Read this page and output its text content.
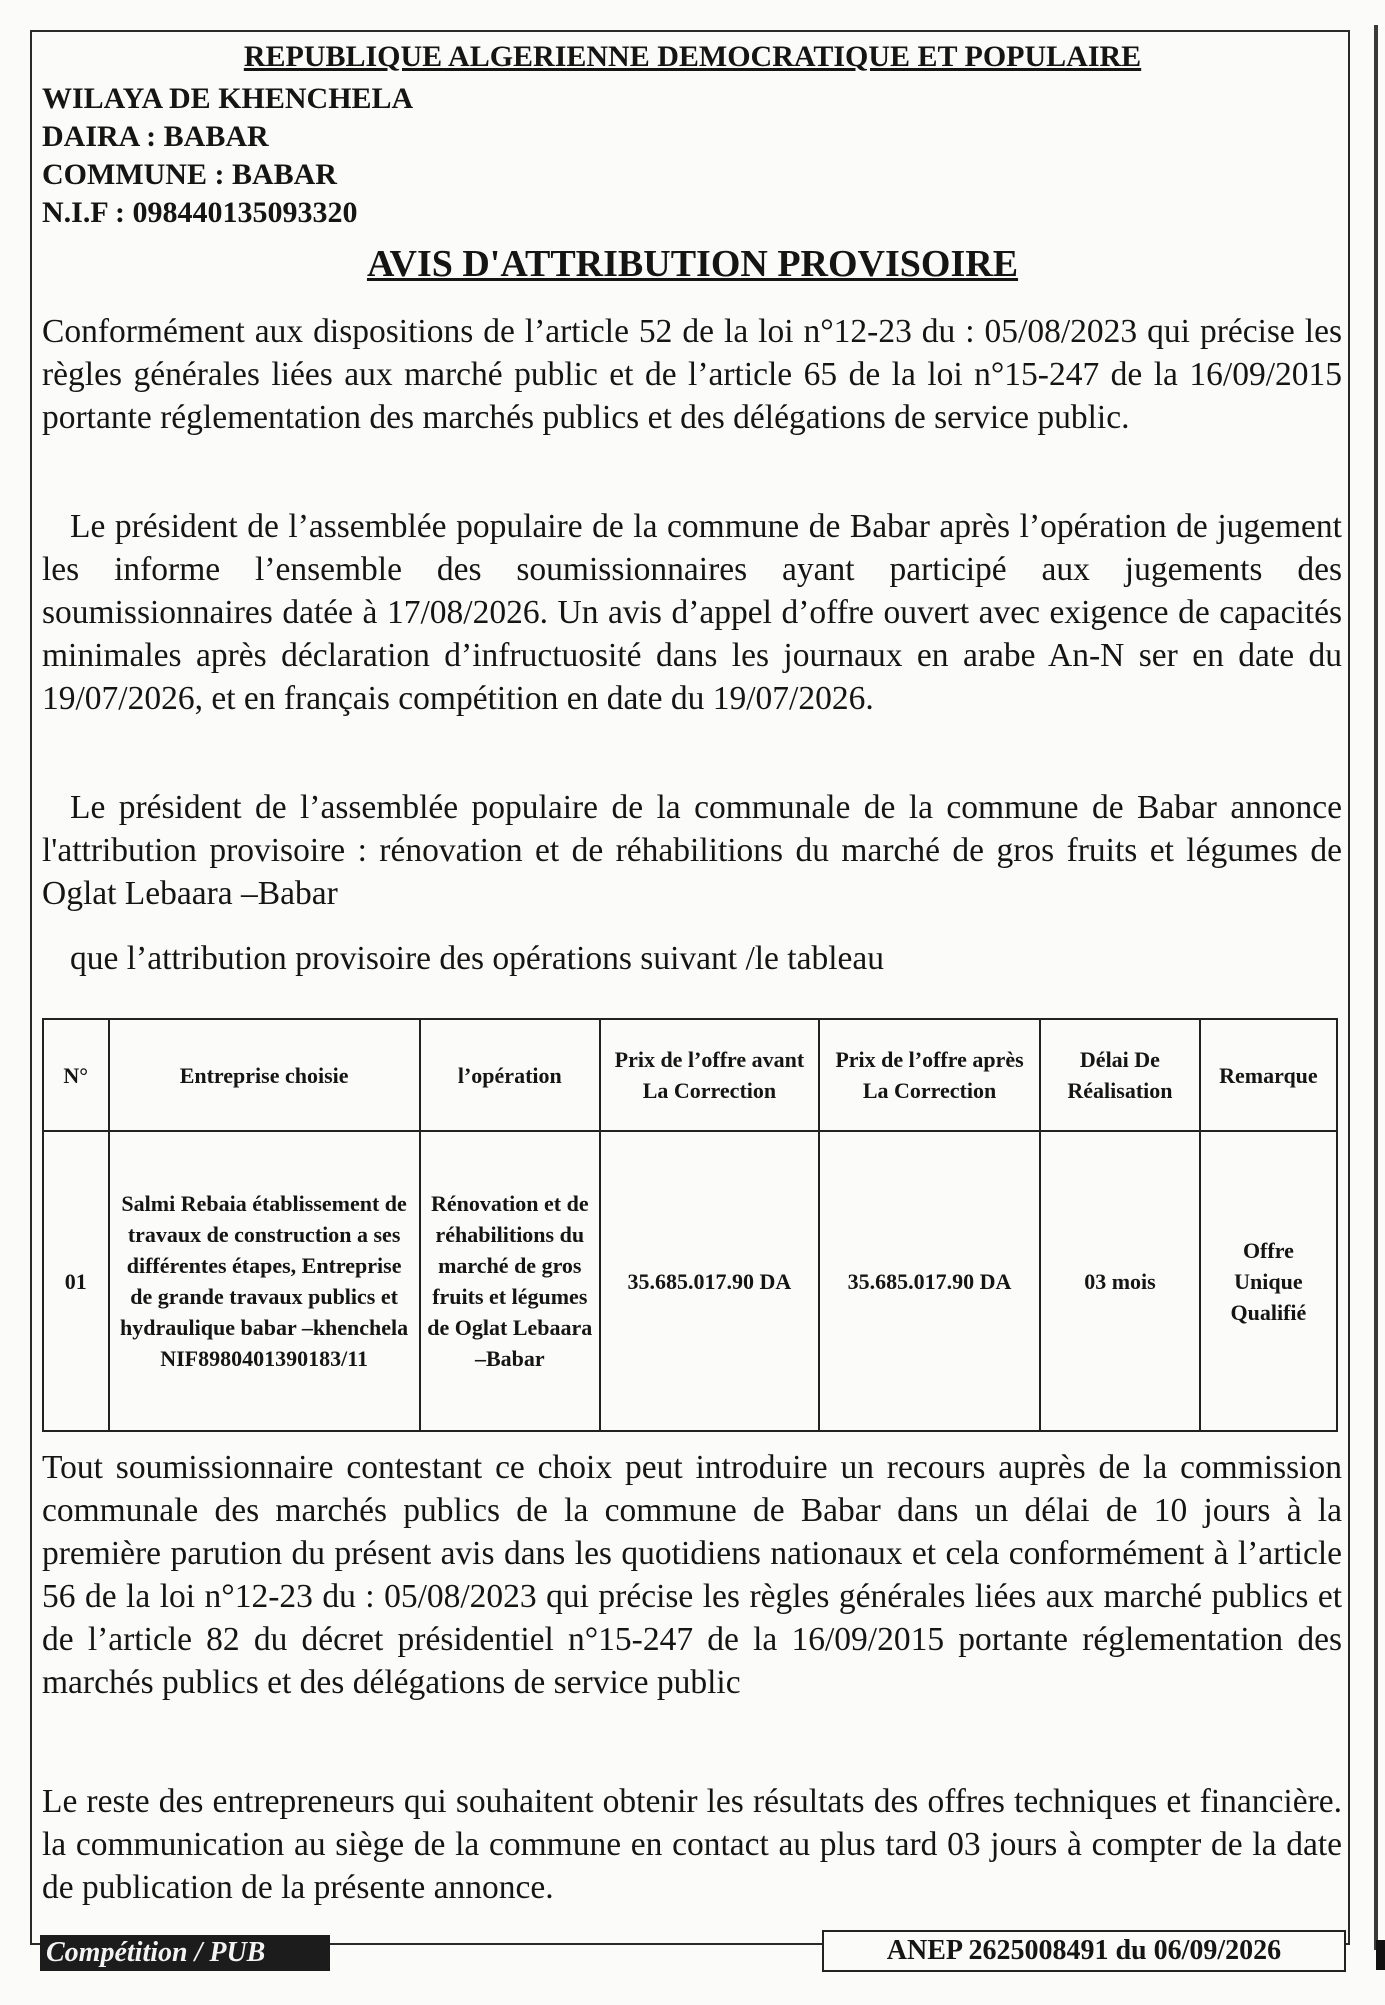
REPUBLIQUE ALGERIENNE DEMOCRATIQUE ET POPULAIRE
WILAYA DE KHENCHELA
DAIRA : BABAR
COMMUNE : BABAR
N.I.F : 098440135093320
AVIS D'ATTRIBUTION PROVISOIRE

Conformément aux dispositions de l’article 52 de la loi n°12-23 du : 05/08/2023 qui précise les règles générales liées aux marché public et de l’article 65 de la loi n°15-247 de la 16/09/2015 portante réglementation des marchés publics et des délégations de service public.

Le président de l’assemblée populaire de la commune de Babar après l’opération de jugement les informe l’ensemble des soumissionnaires ayant participé aux jugements des soumissionnaires datée à 17/08/2026. Un avis d’appel d’offre ouvert avec exigence de capacités minimales après déclaration d’infructuosité dans les journaux en arabe An-N ser en date du 19/07/2026, et en français compétition en date du 19/07/2026.

Le président de l’assemblée populaire de la communale de la commune de Babar annonce l'attribution provisoire : rénovation et de réhabilitions du marché de gros fruits et légumes de Oglat Lebaara –Babar

que l’attribution provisoire des opérations suivant /le tableau

N°	Entreprise choisie	l’opération	Prix de l’offre avant La Correction	Prix de l’offre après La Correction	Délai De Réalisation	Remarque
01	Salmi Rebaia établissement de travaux de construction a ses différentes étapes, Entreprise de grande travaux publics et hydraulique babar –khenchela NIF8980401390183/11	Rénovation et de réhabilitions du marché de gros fruits et légumes de Oglat Lebaara –Babar	35.685.017.90 DA	35.685.017.90 DA	03 mois	Offre Unique Qualifié

Tout soumissionnaire contestant ce choix peut introduire un recours auprès de la commission communale des marchés publics de la commune de Babar dans un délai de 10 jours à la première parution du présent avis dans les quotidiens nationaux et cela conformément à l’article 56 de la loi n°12-23 du : 05/08/2023 qui précise les règles générales liées aux marché publics et de l’article 82 du décret présidentiel n°15-247 de la 16/09/2015 portante réglementation des marchés publics et des délégations de service public

Le reste des entrepreneurs qui souhaitent obtenir les résultats des offres techniques et financière. la communication au siège de la commune en contact au plus tard 03 jours à compter de la date de publication de la présente annonce.

Compétition / PUB	ANEP 2625008491 du 06/09/2026
